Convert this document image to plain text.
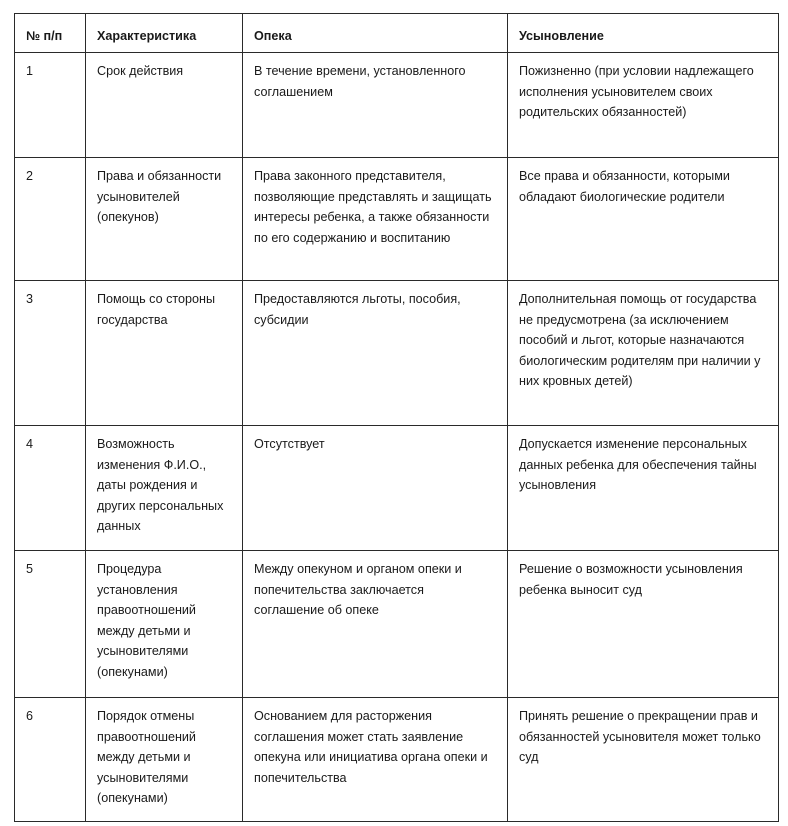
№ п/п	Характеристика	Опека	Усыновление
1	Срок действия	В течение времени, установленного соглашением	Пожизненно (при условии надлежащего исполнения усыновителем своих родительских обязанностей)
2	Права и обязанности усыновителей (опекунов)	Права законного представителя, позволяющие представлять и защищать интересы ребенка, а также обязанности по его содержанию и воспитанию	Все права и обязанности, которыми обладают биологические родители
3	Помощь со стороны государства	Предоставляются льготы, пособия, субсидии	Дополнительная помощь от государства не предусмотрена (за исключением пособий и льгот, которые назначаются биологическим родителям при наличии у них кровных детей)
4	Возможность изменения Ф.И.О., даты рождения и других персональных данных	Отсутствует	Допускается изменение персональных данных ребенка для обеспечения тайны усыновления
5	Процедура установления правоотношений между детьми и усыновителями (опекунами)	Между опекуном и органом опеки и попечительства заключается соглашение об опеке	Решение о возможности усыновления ребенка выносит суд
6	Порядок отмены правоотношений между детьми и усыновителями (опекунами)	Основанием для расторжения соглашения может стать заявление опекуна или инициатива органа опеки и попечительства	Принять решение о прекращении прав и обязанностей усыновителя может только суд
